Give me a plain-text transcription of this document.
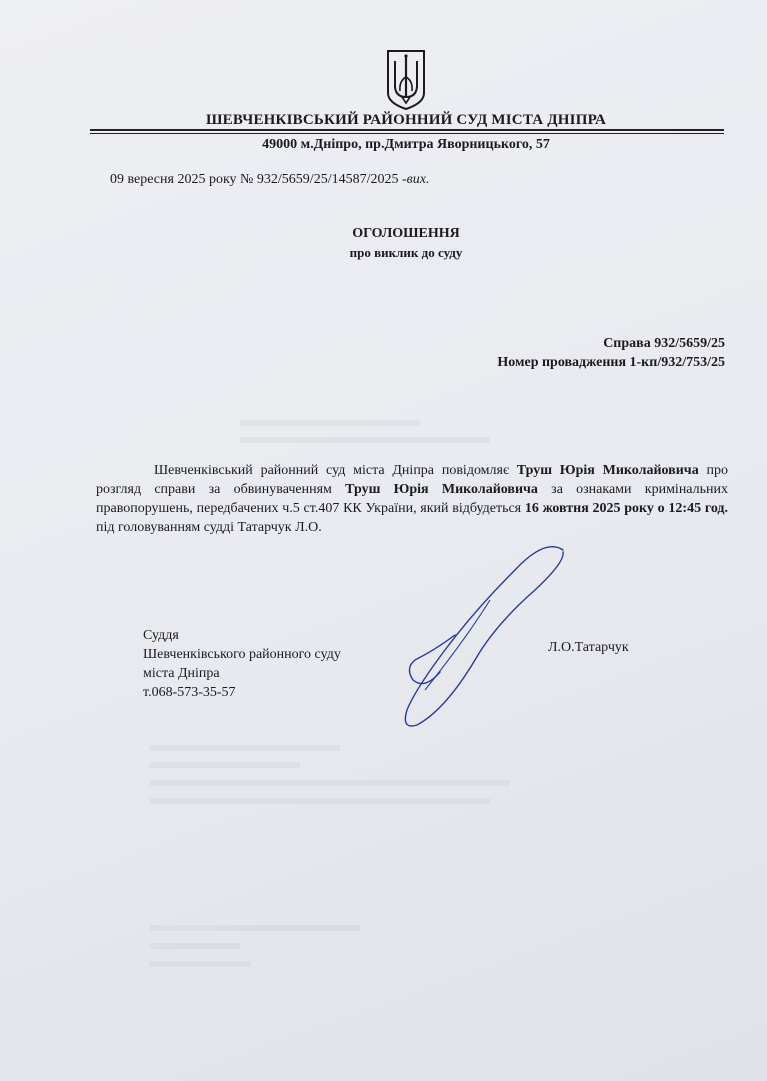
ШЕВЧЕНКІВСЬКИЙ РАЙОННИЙ СУД МІСТА ДНІПРА
49000 м.Дніпро, пр.Дмитра Яворницького, 57
09 вересня 2025 року № 932/5659/25/14587/2025 -вих.
ОГОЛОШЕННЯ
про виклик до суду
Справа 932/5659/25
Номер провадження 1-кп/932/753/25
Шевченківський районний суд міста Дніпра повідомляє Труш Юрія Миколайовича про розгляд справи за обвинуваченням Труш Юрія Миколайовича за ознаками кримінальних правопорушень, передбачених ч.5 ст.407 КК України, який відбудеться 16 жовтня 2025 року о 12:45 год. під головуванням судді Татарчук Л.О.
Суддя
Шевченківського районного суду
міста Дніпра
т.068-573-35-57
Л.О.Татарчук
